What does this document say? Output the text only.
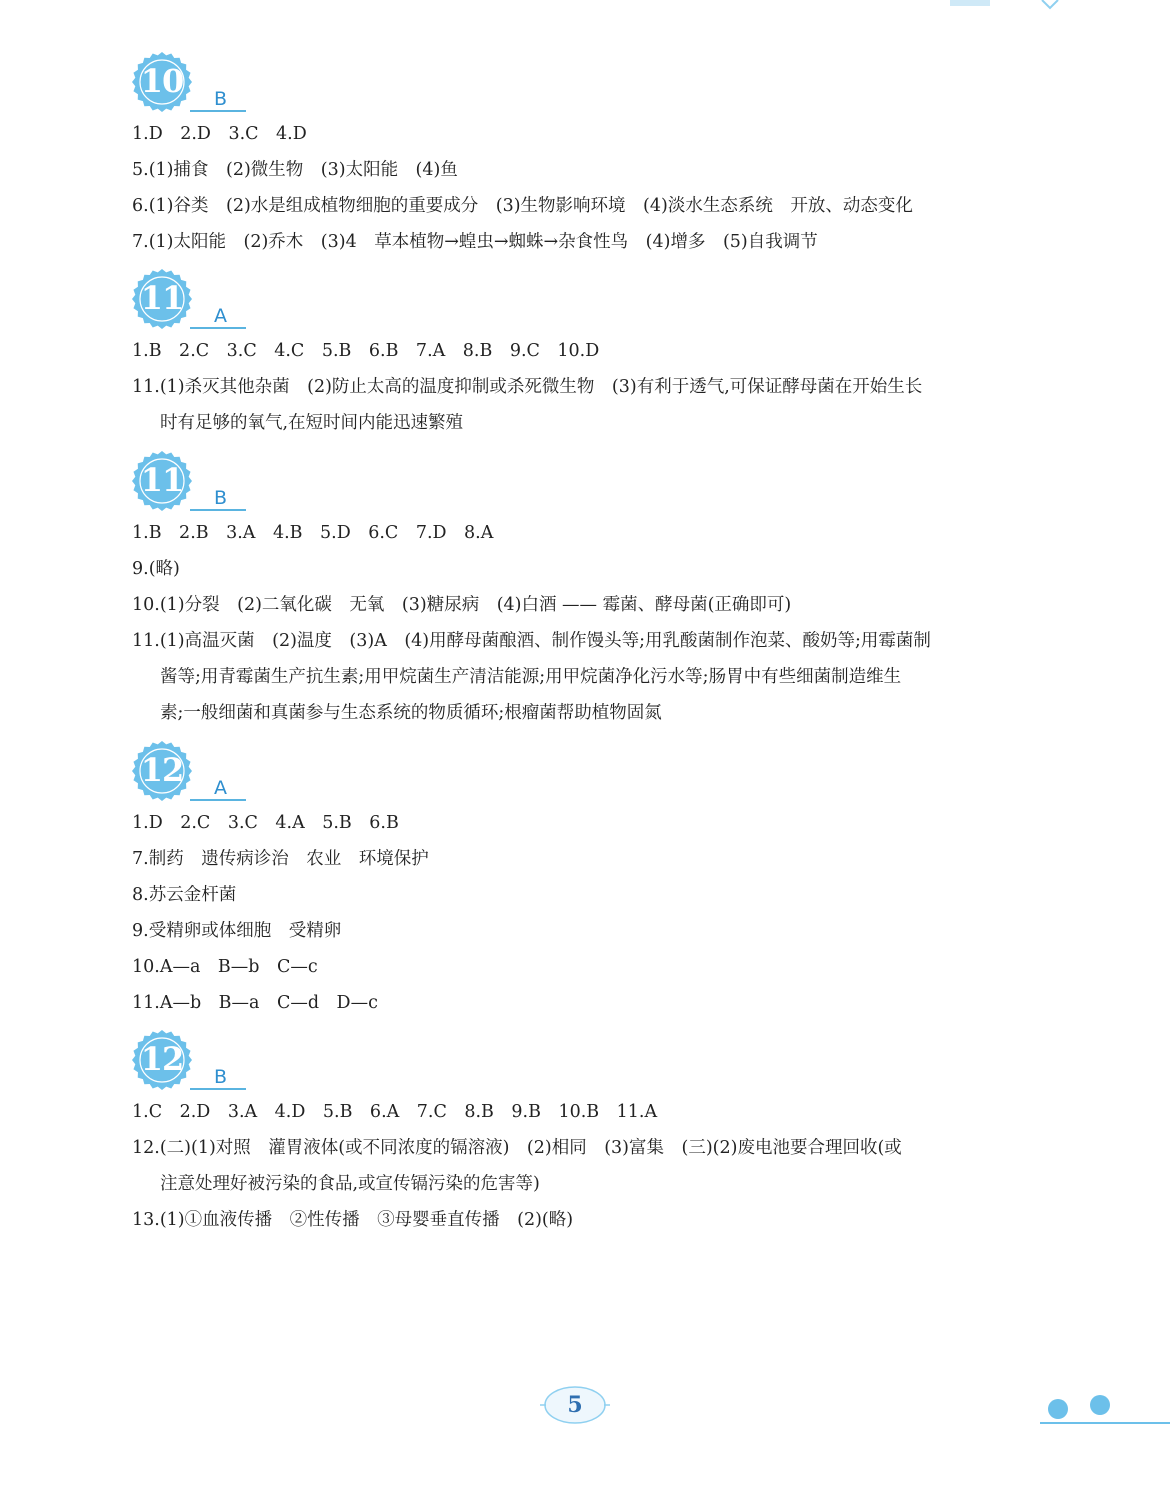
10	B
1.D　2.D　3.C　4.D
5.(1)捕食　(2)微生物　(3)太阳能　(4)鱼
6.(1)谷类　(2)水是组成植物细胞的重要成分　(3)生物影响环境　(4)淡水生态系统　开放、动态变化
7.(1)太阳能　(2)乔木　(3)4　草本植物→蝗虫→蜘蛛→杂食性鸟　(4)增多　(5)自我调节
11	A
1.B　2.C　3.C　4.C　5.B　6.B　7.A　8.B　9.C　10.D
11.(1)杀灭其他杂菌　(2)防止太高的温度抑制或杀死微生物　(3)有利于透气,可保证酵母菌在开始生长
时有足够的氧气,在短时间内能迅速繁殖
11	B
1.B　2.B　3.A　4.B　5.D　6.C　7.D　8.A
9.(略)
10.(1)分裂　(2)二氧化碳　无氧　(3)糖尿病　(4)白酒 —— 霉菌、酵母菌(正确即可)
11.(1)高温灭菌　(2)温度　(3)A　(4)用酵母菌酿酒、制作馒头等;用乳酸菌制作泡菜、酸奶等;用霉菌制
酱等;用青霉菌生产抗生素;用甲烷菌生产清洁能源;用甲烷菌净化污水等;肠胃中有些细菌制造维生
素;一般细菌和真菌参与生态系统的物质循环;根瘤菌帮助植物固氮
12	A
1.D　2.C　3.C　4.A　5.B　6.B
7.制药　遗传病诊治　农业　环境保护
8.苏云金杆菌
9.受精卵或体细胞　受精卵
10.A—a　B—b　C—c
11.A—b　B—a　C—d　D—c
12	B
1.C　2.D　3.A　4.D　5.B　6.A　7.C　8.B　9.B　10.B　11.A
12.(二)(1)对照　灌胃液体(或不同浓度的镉溶液)　(2)相同　(3)富集　(三)(2)废电池要合理回收(或
注意处理好被污染的食品,或宣传镉污染的危害等)
13.(1)①血液传播　②性传播　③母婴垂直传播　(2)(略)
5
